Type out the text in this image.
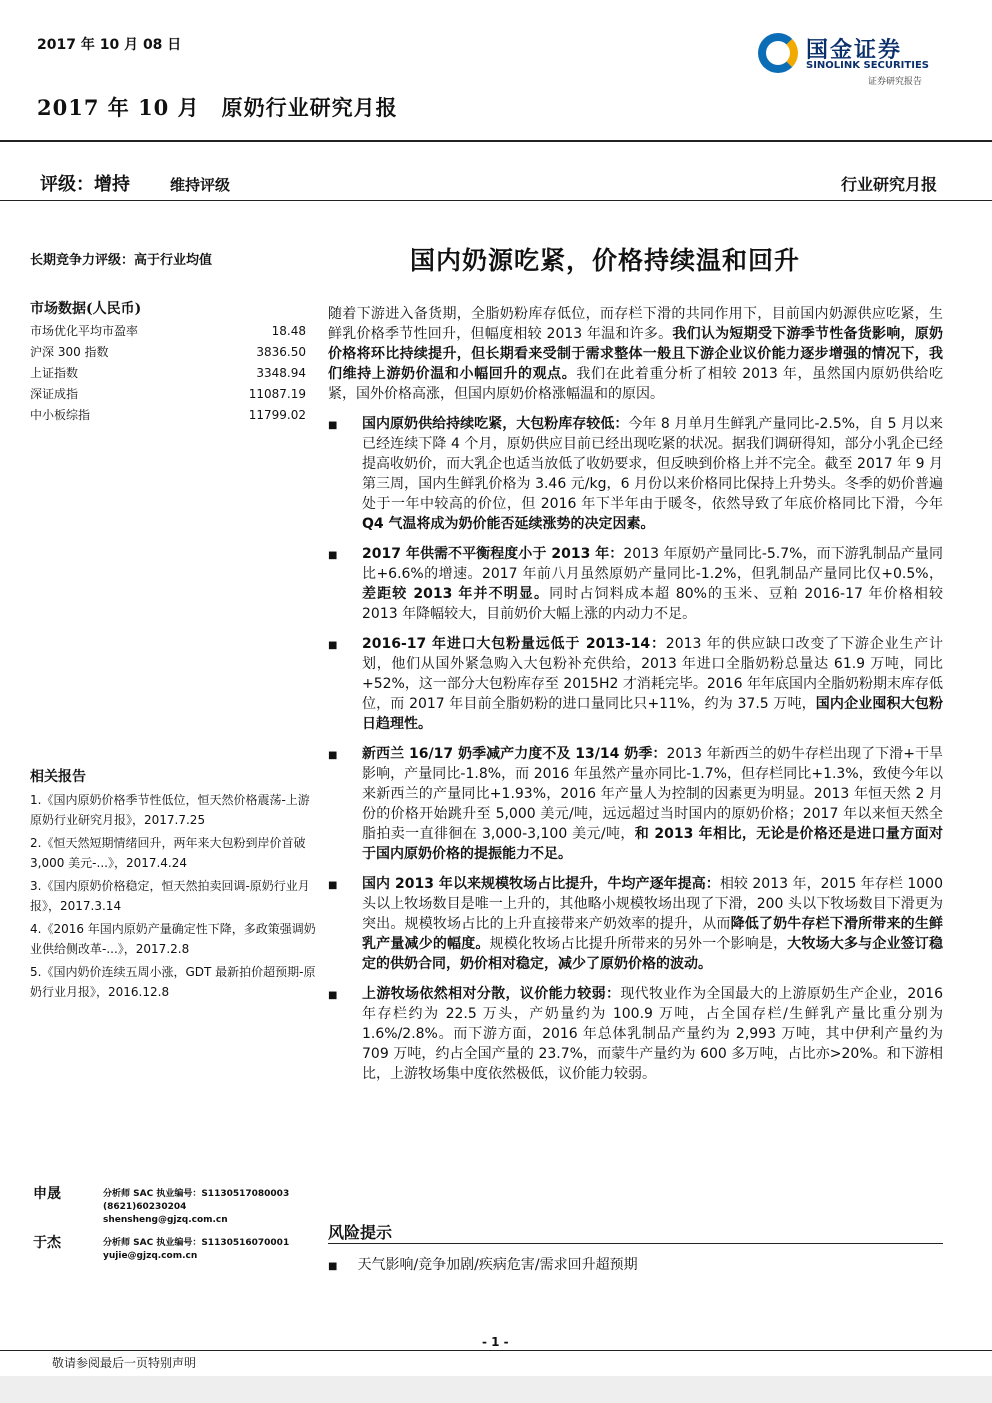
2017 年 10 月 08 日
2017 年 10 月 原奶行业研究月报
国金证券
SINOLINK SECURITIES
证券研究报告
评级：增持	维持评级	行业研究月报
长期竞争力评级：高于行业均值	国内奶源吃紧，价格持续温和回升
市场数据(人民币)
市场优化平均市盈率	18.48
沪深 300 指数	3836.50
上证指数	3348.94
深证成指	11087.19
中小板综指	11799.02
相关报告
1.《国内原奶价格季节性低位，恒天然价格震荡-上游原奶行业研究月报》，2017.7.25
2.《恒天然短期情绪回升，两年来大包粉到岸价首破 3,000 美元-...》，2017.4.24
3.《国内原奶价格稳定，恒天然拍卖回调-原奶行业月报》，2017.3.14
4.《2016 年国内原奶产量确定性下降，多政策强调奶业供给侧改革-...》，2017.2.8
5.《国内奶价连续五周小涨，GDT 最新拍价超预期-原奶行业月报》，2016.12.8
申晟	分析师 SAC 执业编号：S1130517080003
(8621)60230204
shensheng@gjzq.com.cn
于杰	分析师 SAC 执业编号：S1130516070001
yujie@gjzq.com.cn

随着下游进入备货期，全脂奶粉库存低位，而存栏下滑的共同作用下，目前国内奶源供应吃紧，生鲜乳价格季节性回升，但幅度相较 2013 年温和许多。我们认为短期受下游季节性备货影响，原奶价格将环比持续提升，但长期看来受制于需求整体一般且下游企业议价能力逐步增强的情况下，我们维持上游奶价温和小幅回升的观点。我们在此着重分析了相较 2013 年，虽然国内原奶供给吃紧，国外价格高涨，但国内原奶价格涨幅温和的原因。

■ 国内原奶供给持续吃紧，大包粉库存较低：今年 8 月单月生鲜乳产量同比-2.5%，自 5 月以来已经连续下降 4 个月，原奶供应目前已经出现吃紧的状况。据我们调研得知，部分小乳企已经提高收奶价，而大乳企也适当放低了收奶要求，但反映到价格上并不完全。截至 2017 年 9 月第三周，国内生鲜乳价格为 3.46 元/kg，6 月份以来价格同比保持上升势头。冬季的奶价普遍处于一年中较高的价位，但 2016 年下半年由于暖冬，依然导致了年底价格同比下滑，今年Q4 气温将成为奶价能否延续涨势的决定因素。
■ 2017 年供需不平衡程度小于 2013 年：2013 年原奶产量同比-5.7%，而下游乳制品产量同比+6.6%的增速。2017 年前八月虽然原奶产量同比-1.2%，但乳制品产量同比仅+0.5%，差距较 2013 年并不明显。同时占饲料成本超 80%的玉米、豆粕 2016-17 年价格相较 2013 年降幅较大，目前奶价大幅上涨的内动力不足。
■ 2016-17 年进口大包粉量远低于 2013-14：2013 年的供应缺口改变了下游企业生产计划，他们从国外紧急购入大包粉补充供给，2013 年进口全脂奶粉总量达 61.9 万吨，同比+52%，这一部分大包粉库存至 2015H2 才消耗完毕。2016 年年底国内全脂奶粉期末库存低位，而 2017 年目前全脂奶粉的进口量同比只+11%，约为 37.5 万吨，国内企业囤积大包粉日趋理性。
■ 新西兰 16/17 奶季减产力度不及 13/14 奶季：2013 年新西兰的奶牛存栏出现了下滑+干旱影响，产量同比-1.8%，而 2016 年虽然产量亦同比-1.7%，但存栏同比+1.3%，致使今年以来新西兰的产量同比+1.93%，2016 年产量人为控制的因素更为明显。2013 年恒天然 2 月份的价格开始跳升至 5,000 美元/吨，远远超过当时国内的原奶价格；2017 年以来恒天然全脂拍卖一直徘徊在 3,000-3,100 美元/吨，和 2013 年相比，无论是价格还是进口量方面对于国内原奶价格的提振能力不足。
■ 国内 2013 年以来规模牧场占比提升，牛均产逐年提高：相较 2013 年，2015 年存栏 1000 头以上牧场数目是唯一上升的，其他略小规模牧场出现了下滑，200 头以下牧场数目下滑更为突出。规模牧场占比的上升直接带来产奶效率的提升，从而降低了奶牛存栏下滑所带来的生鲜乳产量减少的幅度。规模化牧场占比提升所带来的另外一个影响是，大牧场大多与企业签订稳定的供奶合同，奶价相对稳定，减少了原奶价格的波动。
■ 上游牧场依然相对分散，议价能力较弱：现代牧业作为全国最大的上游原奶生产企业，2016 年存栏约为 22.5 万头，产奶量约为 100.9 万吨，占全国存栏/生鲜乳产量比重分别为 1.6%/2.8%。而下游方面，2016 年总体乳制品产量约为 2,993 万吨，其中伊利产量约为 709 万吨，约占全国产量的 23.7%，而蒙牛产量约为 600 多万吨，占比亦>20%。和下游相比，上游牧场集中度依然极低，议价能力较弱。
风险提示
■ 天气影响/竞争加剧/疾病危害/需求回升超预期
- 1 -
敬请参阅最后一页特别声明
